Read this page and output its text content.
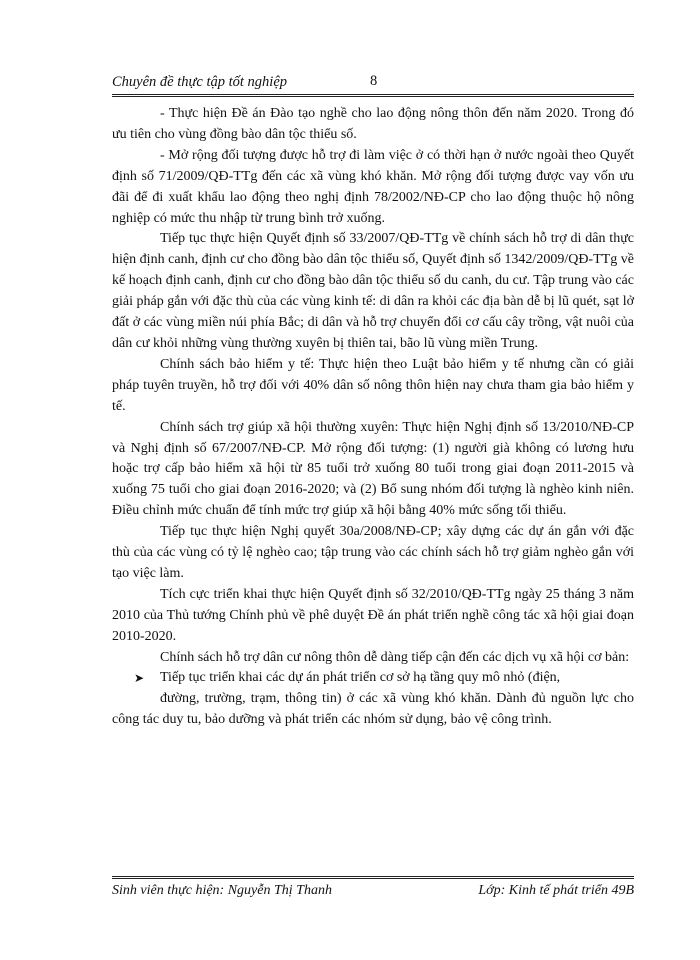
Chuyên đề thực tập tốt nghiệp	8

- Thực hiện Đề án Đào tạo nghề cho lao động nông thôn đến năm 2020. Trong đó ưu tiên cho vùng đồng bào dân tộc thiểu số.

- Mở rộng đối tượng được hỗ trợ đi làm việc ở có thời hạn ở nước ngoài theo Quyết định số 71/2009/QĐ-TTg đến các xã vùng khó khăn. Mở rộng đối tượng được vay vốn ưu đãi để đi xuất khẩu lao động theo nghị định 78/2002/NĐ-CP cho lao động thuộc hộ nông nghiệp có mức thu nhập từ trung bình trở xuống.

Tiếp tục thực hiện Quyết định số 33/2007/QĐ-TTg về chính sách hỗ trợ di dân thực hiện định canh, định cư cho đồng bào dân tộc thiểu số, Quyết định số 1342/2009/QĐ-TTg về kế hoạch định canh, định cư cho đồng bào dân tộc thiểu số du canh, du cư. Tập trung vào các giải pháp gắn với đặc thù của các vùng kinh tế: di dân ra khỏi các địa bàn dễ bị lũ quét, sạt lở đất ở các vùng miền núi phía Bắc; di dân và hỗ trợ chuyển đổi cơ cấu cây trồng, vật nuôi của dân cư khỏi những vùng thường xuyên bị thiên tai, bão lũ vùng miền Trung.

Chính sách bảo hiểm y tế: Thực hiện theo Luật bảo hiểm y tế nhưng cần có giải pháp tuyên truyền, hỗ trợ đối với 40% dân số nông thôn hiện nay chưa tham gia bảo hiểm y tế.

Chính sách trợ giúp xã hội thường xuyên: Thực hiện Nghị định số 13/2010/NĐ-CP và Nghị định số 67/2007/NĐ-CP. Mở rộng đối tượng: (1) người già không có lương hưu hoặc trợ cấp bảo hiểm xã hội từ 85 tuổi trở xuống 80 tuổi trong giai đoạn 2011-2015 và xuống 75 tuổi cho giai đoạn 2016-2020; và (2) Bổ sung nhóm đối tượng là nghèo kinh niên. Điều chỉnh mức chuẩn để tính mức trợ giúp xã hội bằng 40% mức sống tối thiểu.

Tiếp tục thực hiện Nghị quyết 30a/2008/NĐ-CP; xây dựng các dự án gắn với đặc thù của các vùng có tỷ lệ nghèo cao; tập trung vào các chính sách hỗ trợ giảm nghèo gắn với tạo việc làm.

Tích cực triển khai thực hiện Quyết định số 32/2010/QĐ-TTg ngày 25 tháng 3 năm 2010 của Thủ tướng Chính phủ về phê duyệt Đề án phát triển nghề công tác xã hội giai đoạn 2010-2020.

Chính sách hỗ trợ dân cư nông thôn dễ dàng tiếp cận đến các dịch vụ xã hội cơ bản:

➤	Tiếp tục triển khai các dự án phát triển cơ sở hạ tầng quy mô nhỏ (điện,

đường, trường, trạm, thông tin) ở các xã vùng khó khăn. Dành đủ nguồn lực cho công tác duy tu, bảo dưỡng và phát triển các nhóm sử dụng, bảo vệ công trình.

Sinh viên thực hiện: Nguyễn Thị Thanh	Lớp: Kinh tế phát triển 49B
